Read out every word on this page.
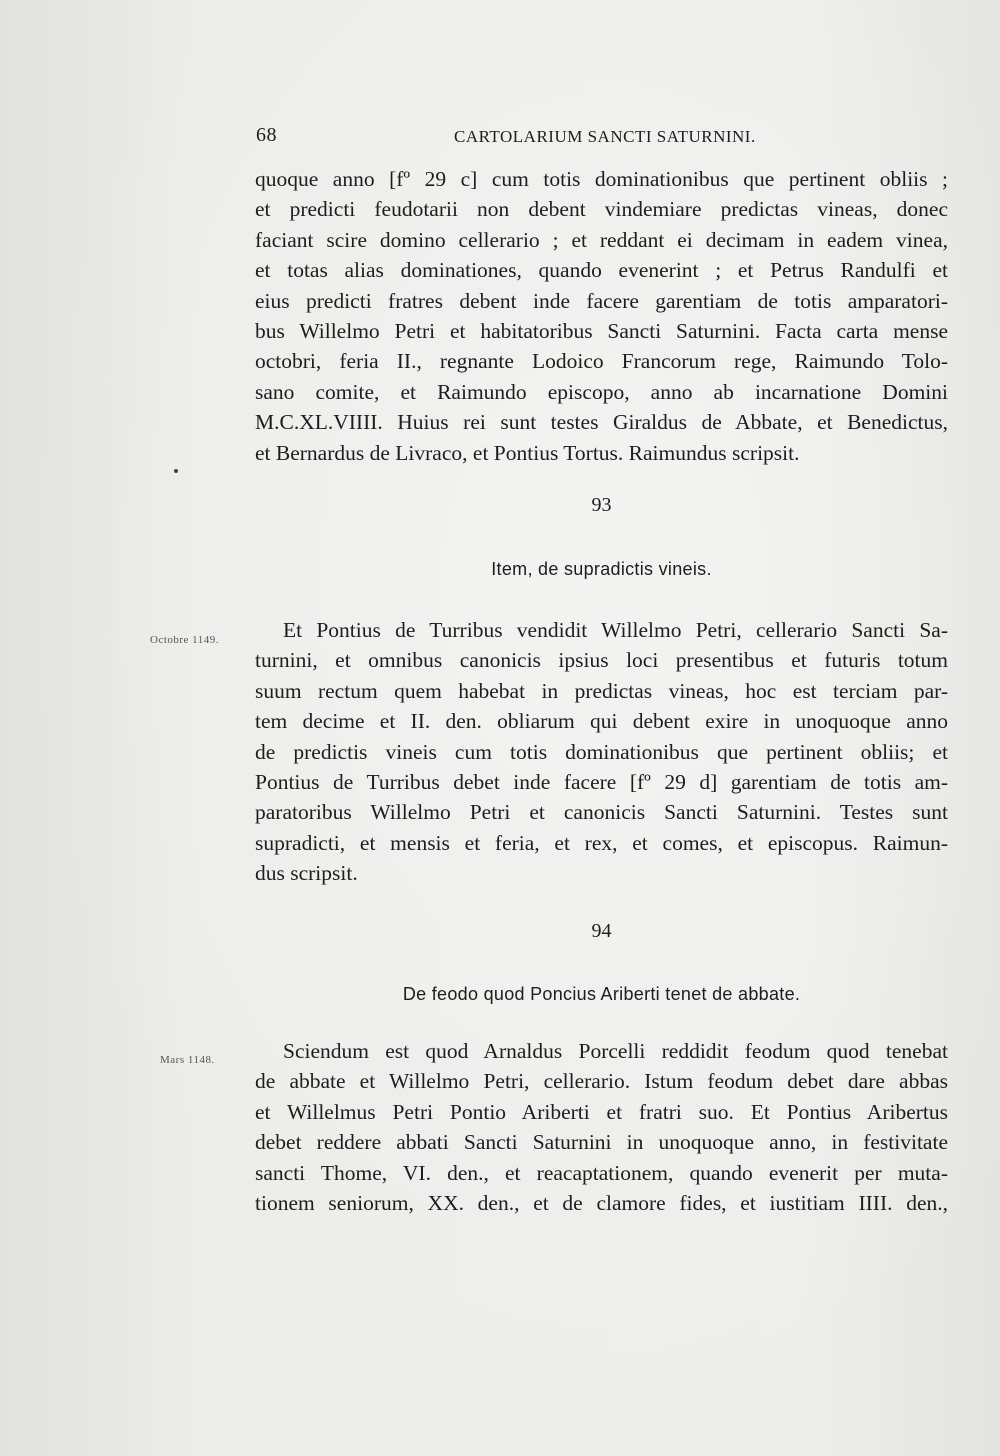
68	CARTOLARIUM SANCTI SATURNINI.
quoque anno [fº 29 c] cum totis dominationibus que pertinent obliis ;
et predicti feudotarii non debent vindemiare predictas vineas, donec
faciant scire domino cellerario ; et reddant ei decimam in eadem vinea,
et totas alias dominationes, quando evenerint ; et Petrus Randulfi et
eius predicti fratres debent inde facere garentiam de totis amparatori-
bus Willelmo Petri et habitatoribus Sancti Saturnini. Facta carta mense
octobri, feria II., regnante Lodoico Francorum rege, Raimundo Tolo-
sano comite, et Raimundo episcopo, anno ab incarnatione Domini
M.C.XL.VIIII. Huius rei sunt testes Giraldus de Abbate, et Benedictus,
et Bernardus de Livraco, et Pontius Tortus. Raimundus scripsit.
93
Item, de supradictis vineis.
Octobre 1149.	Et Pontius de Turribus vendidit Willelmo Petri, cellerario Sancti Sa-
turnini, et omnibus canonicis ipsius loci presentibus et futuris totum
suum rectum quem habebat in predictas vineas, hoc est terciam par-
tem decime et II. den. obliarum qui debent exire in unoquoque anno
de predictis vineis cum totis dominationibus que pertinent obliis; et
Pontius de Turribus debet inde facere [fº 29 d] garentiam de totis am-
paratoribus Willelmo Petri et canonicis Sancti Saturnini. Testes sunt
supradicti, et mensis et feria, et rex, et comes, et episcopus. Raimun-
dus scripsit.
94
De feodo quod Poncius Ariberti tenet de abbate.
Mars 1148.	Sciendum est quod Arnaldus Porcelli reddidit feodum quod tenebat
de abbate et Willelmo Petri, cellerario. Istum feodum debet dare abbas
et Willelmus Petri Pontio Ariberti et fratri suo. Et Pontius Aribertus
debet reddere abbati Sancti Saturnini in unoquoque anno, in festivitate
sancti Thome, VI. den., et reacaptationem, quando evenerit per muta-
tionem seniorum, XX. den., et de clamore fides, et iustitiam IIII. den.,
